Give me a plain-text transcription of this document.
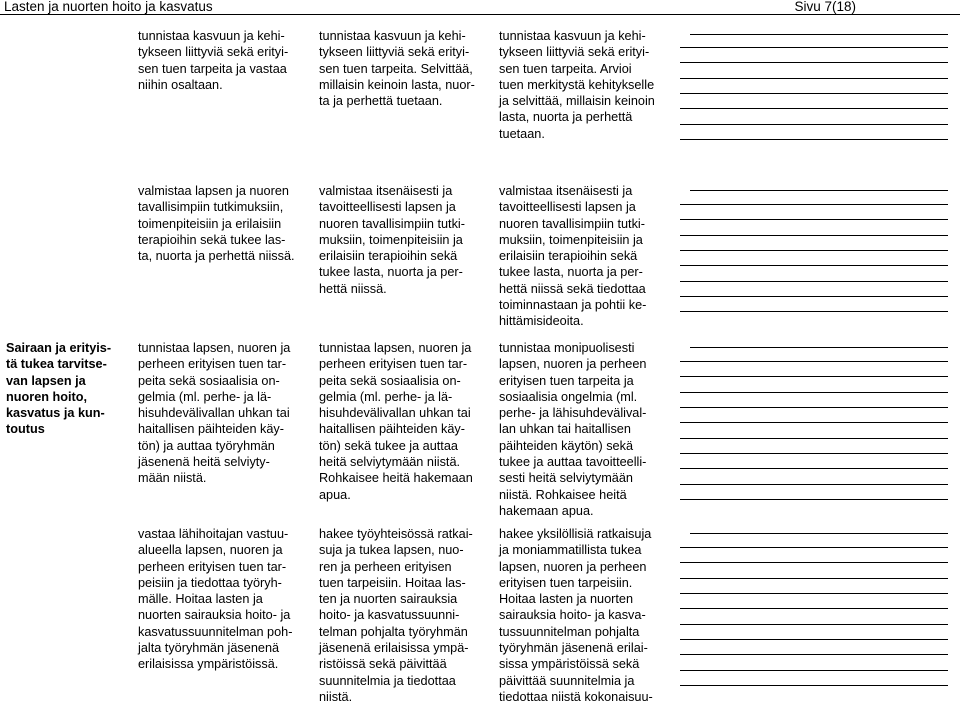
Lasten ja nuorten hoito ja kasvatus	Sivu 7(18)

tunnistaa kasvuun ja kehi-
tykseen liittyviä sekä erityi-
sen tuen tarpeita ja vastaa
niihin osaltaan.

tunnistaa kasvuun ja kehi-
tykseen liittyviä sekä erityi-
sen tuen tarpeita. Selvittää,
millaisin keinoin lasta, nuor-
ta ja perhettä tuetaan.

tunnistaa kasvuun ja kehi-
tykseen liittyviä sekä erityi-
sen tuen tarpeita. Arvioi
tuen merkitystä kehitykselle
ja selvittää, millaisin keinoin
lasta, nuorta ja perhettä
tuetaan.

valmistaa lapsen ja nuoren
tavallisimpiin tutkimuksiin,
toimenpiteisiin ja erilaisiin
terapioihin sekä tukee las-
ta, nuorta ja perhettä niissä.

valmistaa itsenäisesti ja
tavoitteellisesti lapsen ja
nuoren tavallisimpiin tutki-
muksiin, toimenpiteisiin ja
erilaisiin terapioihin sekä
tukee lasta, nuorta ja per-
hettä niissä.

valmistaa itsenäisesti ja
tavoitteellisesti lapsen ja
nuoren tavallisimpiin tutki-
muksiin, toimenpiteisiin ja
erilaisiin terapioihin sekä
tukee lasta, nuorta ja per-
hettä niissä sekä tiedottaa
toiminnastaan ja pohtii ke-
hittämisideoita.

Sairaan ja erityis-
tä tukea tarvitse-
van lapsen ja
nuoren hoito,
kasvatus ja kun-
toutus

tunnistaa lapsen, nuoren ja
perheen erityisen tuen tar-
peita sekä sosiaalisia on-
gelmia (ml. perhe- ja lä-
hisuhdevälivallan uhkan tai
haitallisen päihteiden käy-
tön) ja auttaa työryhmän
jäsenenä heitä selviyty-
mään niistä.

tunnistaa lapsen, nuoren ja
perheen erityisen tuen tar-
peita sekä sosiaalisia on-
gelmia (ml. perhe- ja lä-
hisuhdevälivallan uhkan tai
haitallisen päihteiden käy-
tön) sekä tukee ja auttaa
heitä selviytymään niistä.
Rohkaisee heitä hakemaan
apua.

tunnistaa monipuolisesti
lapsen, nuoren ja perheen
erityisen tuen tarpeita ja
sosiaalisia ongelmia (ml.
perhe- ja lähisuhdevälival-
lan uhkan tai haitallisen
päihteiden käytön) sekä
tukee ja auttaa tavoitteelli-
sesti heitä selviytymään
niistä. Rohkaisee heitä
hakemaan apua.

vastaa lähihoitajan vastuu-
alueella lapsen, nuoren ja
perheen erityisen tuen tar-
peisiin ja tiedottaa työryh-
mälle. Hoitaa lasten ja
nuorten sairauksia hoito- ja
kasvatussuunnitelman poh-
jalta työryhmän jäsenenä
erilaisissa ympäristöissä.

hakee työyhteisössä ratkai-
suja ja tukea lapsen, nuo-
ren ja perheen erityisen
tuen tarpeisiin. Hoitaa las-
ten ja nuorten sairauksia
hoito- ja kasvatussuunni-
telman pohjalta työryhmän
jäsenenä erilaisissa ympä-
ristöissä sekä päivittää
suunnitelmia ja tiedottaa
niistä.

hakee yksilöllisiä ratkaisuja
ja moniammatillista tukea
lapsen, nuoren ja perheen
erityisen tuen tarpeisiin.
Hoitaa lasten ja nuorten
sairauksia hoito- ja kasva-
tussuunnitelman pohjalta
työryhmän jäsenenä erilai-
sissa ympäristöissä sekä
päivittää suunnitelmia ja
tiedottaa niistä kokonaisuu-
